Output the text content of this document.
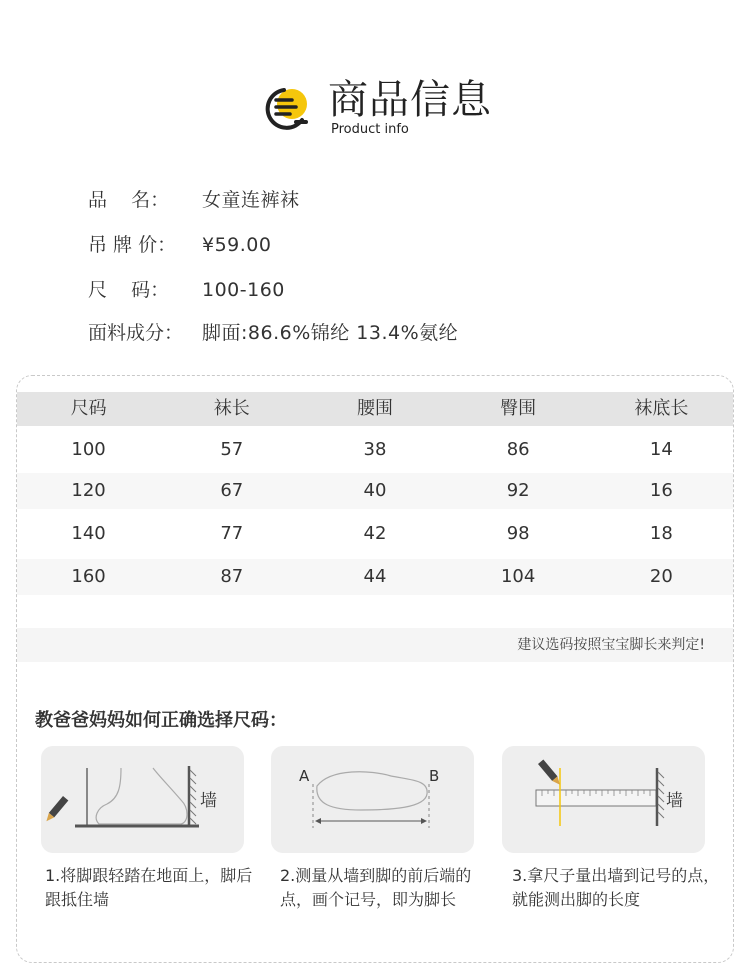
商品信息
Product info
品    名：	女童连裤袜
吊 牌 价：	¥59.00
尺    码：	100-160
面料成分： 脚面:86.6%锦纶 13.4%氨纶
尺码	袜长	腰围	臀围	袜底长
100	57	38	86	14
120	67	40	92	16
140	77	42	98	18
160	87	44	104	20
建议选码按照宝宝脚长来判定!
教爸爸妈妈如何正确选择尺码：
墙
1.将脚跟轻踏在地面上，脚后跟抵住墙
A	B
2.测量从墙到脚的前后端的点，画个记号，即为脚长
墙
3.拿尺子量出墙到记号的点，就能测出脚的长度
